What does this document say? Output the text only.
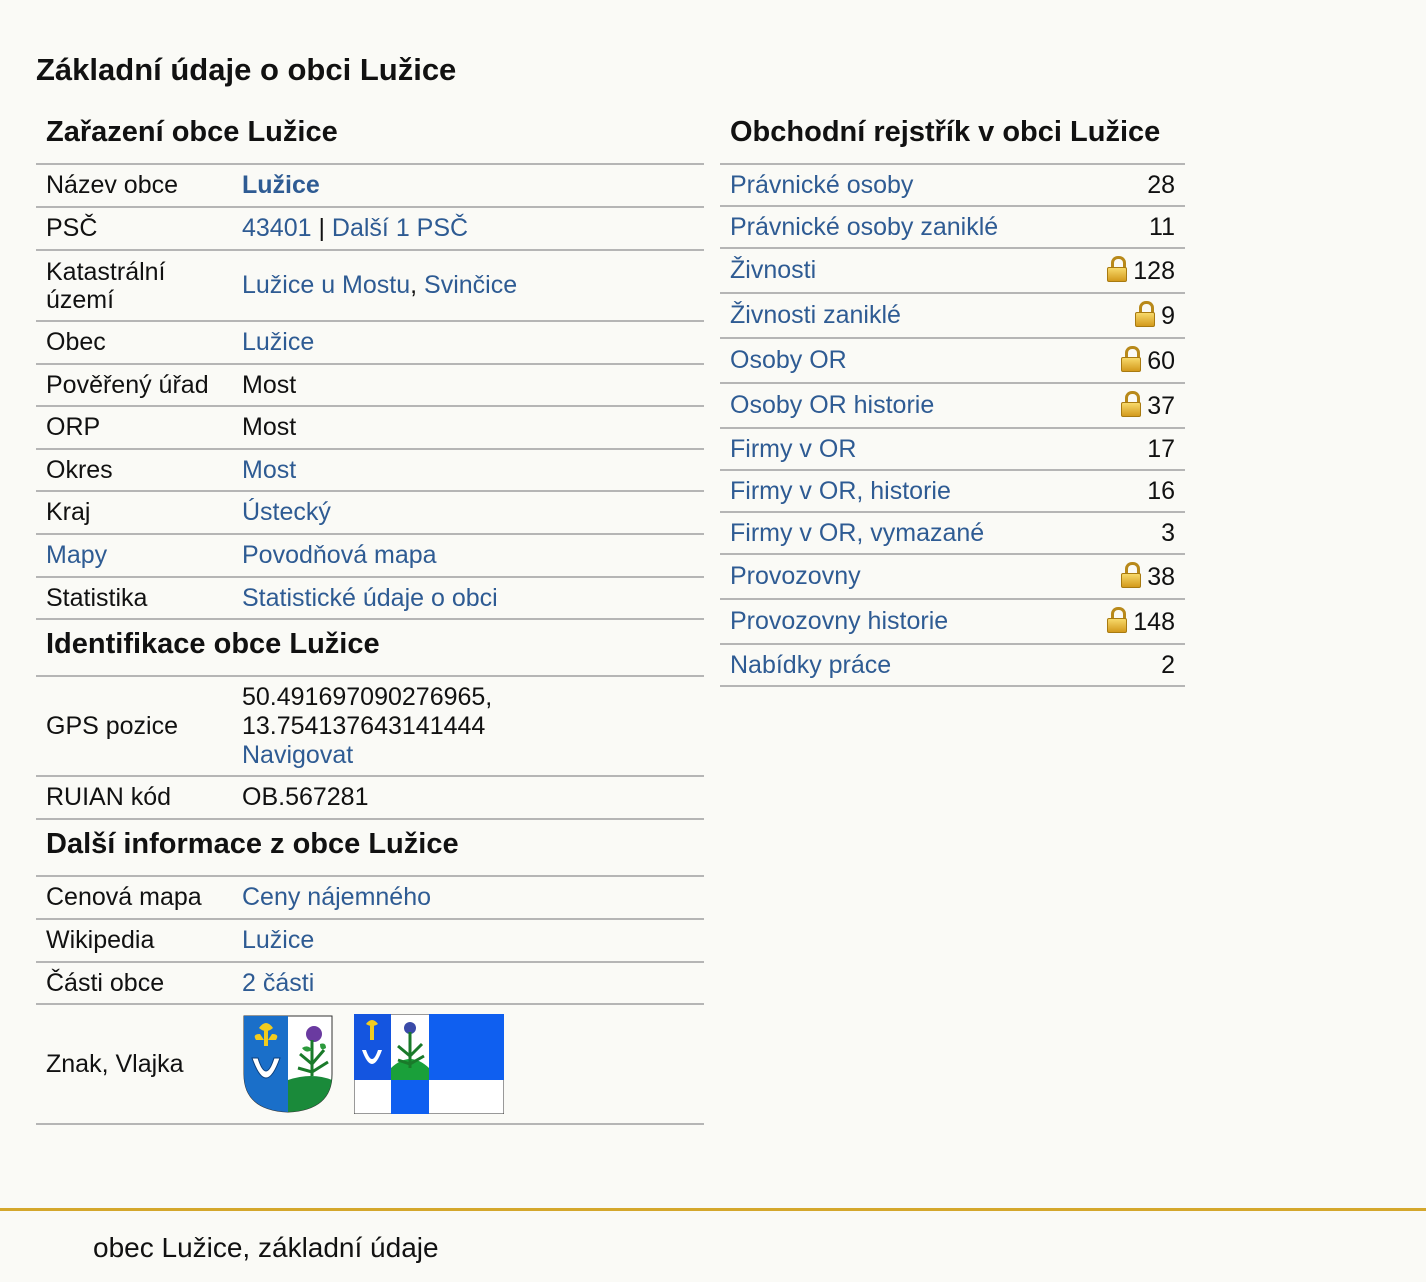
Základní údaje o obci Lužice
Zařazení obce Lužice
Název obce	Lužice
PSČ	43401 | Další 1 PSČ
Katastrální území	Lužice u Mostu, Svinčice
Obec	Lužice
Pověřený úřad	Most
ORP	Most
Okres	Most
Kraj	Ústecký
Mapy	Povodňová mapa
Statistika	Statistické údaje o obci
Identifikace obce Lužice
GPS pozice	50.491697090276965,
13.754137643141444
Navigovat
RUIAN kód	OB.567281
Další informace z obce Lužice
Cenová mapa	Ceny nájemného
Wikipedia	Lužice
Části obce	2 části
Znak, Vlajka	
Obchodní rejstřík v obci Lužice
Právnické osoby	28
Právnické osoby zaniklé	11
Živnosti	128
Živnosti zaniklé	9
Osoby OR	60
Osoby OR historie	37
Firmy v OR	17
Firmy v OR, historie	16
Firmy v OR, vymazané	3
Provozovny	38
Provozovny historie	148
Nabídky práce	2
obec Lužice, základní údaje
